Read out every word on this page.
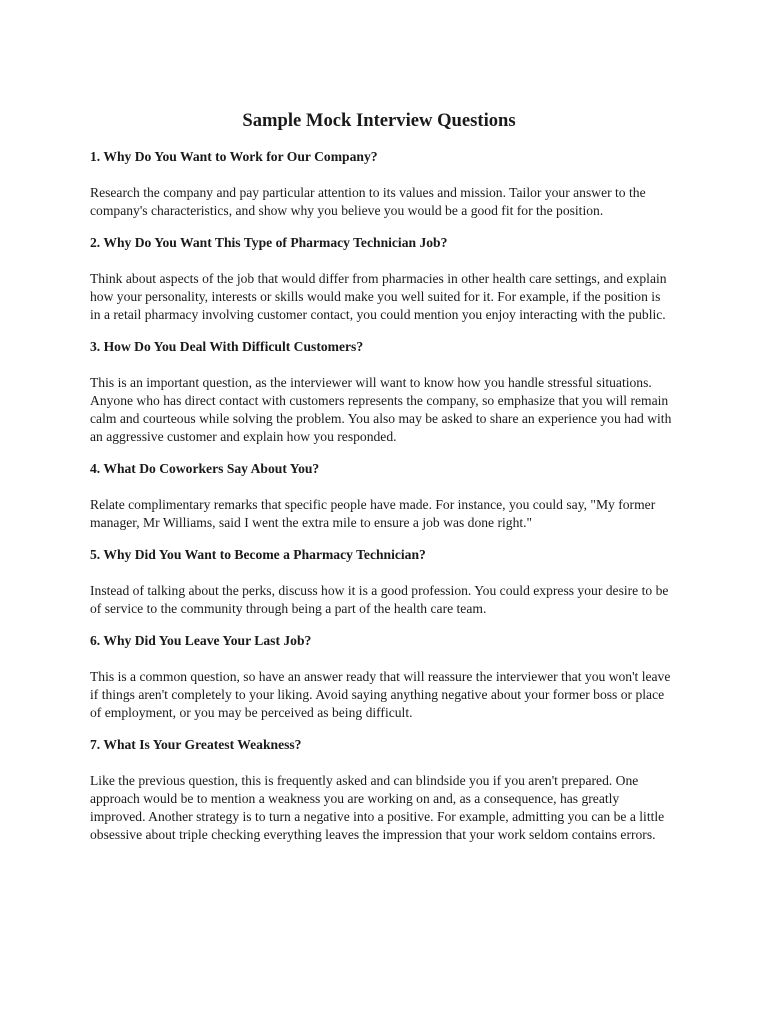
Sample Mock Interview Questions
1. Why Do You Want to Work for Our Company?

Research the company and pay particular attention to its values and mission. Tailor your answer to the company's characteristics, and show why you believe you would be a good fit for the position.

2. Why Do You Want This Type of Pharmacy Technician Job?

Think about aspects of the job that would differ from pharmacies in other health care settings, and explain how your personality, interests or skills would make you well suited for it. For example, if the position is in a retail pharmacy involving customer contact, you could mention you enjoy interacting with the public.

3. How Do You Deal With Difficult Customers?

This is an important question, as the interviewer will want to know how you handle stressful situations. Anyone who has direct contact with customers represents the company, so emphasize that you will remain calm and courteous while solving the problem. You also may be asked to share an experience you had with an aggressive customer and explain how you responded.

4. What Do Coworkers Say About You?

Relate complimentary remarks that specific people have made. For instance, you could say, "My former manager, Mr Williams, said I went the extra mile to ensure a job was done right."

5. Why Did You Want to Become a Pharmacy Technician?

Instead of talking about the perks, discuss how it is a good profession. You could express your desire to be of service to the community through being a part of the health care team.

6. Why Did You Leave Your Last Job?

This is a common question, so have an answer ready that will reassure the interviewer that you won't leave if things aren't completely to your liking. Avoid saying anything negative about your former boss or place of employment, or you may be perceived as being difficult.

7. What Is Your Greatest Weakness?

Like the previous question, this is frequently asked and can blindside you if you aren't prepared. One approach would be to mention a weakness you are working on and, as a consequence, has greatly improved. Another strategy is to turn a negative into a positive. For example, admitting you can be a little obsessive about triple checking everything leaves the impression that your work seldom contains errors.
